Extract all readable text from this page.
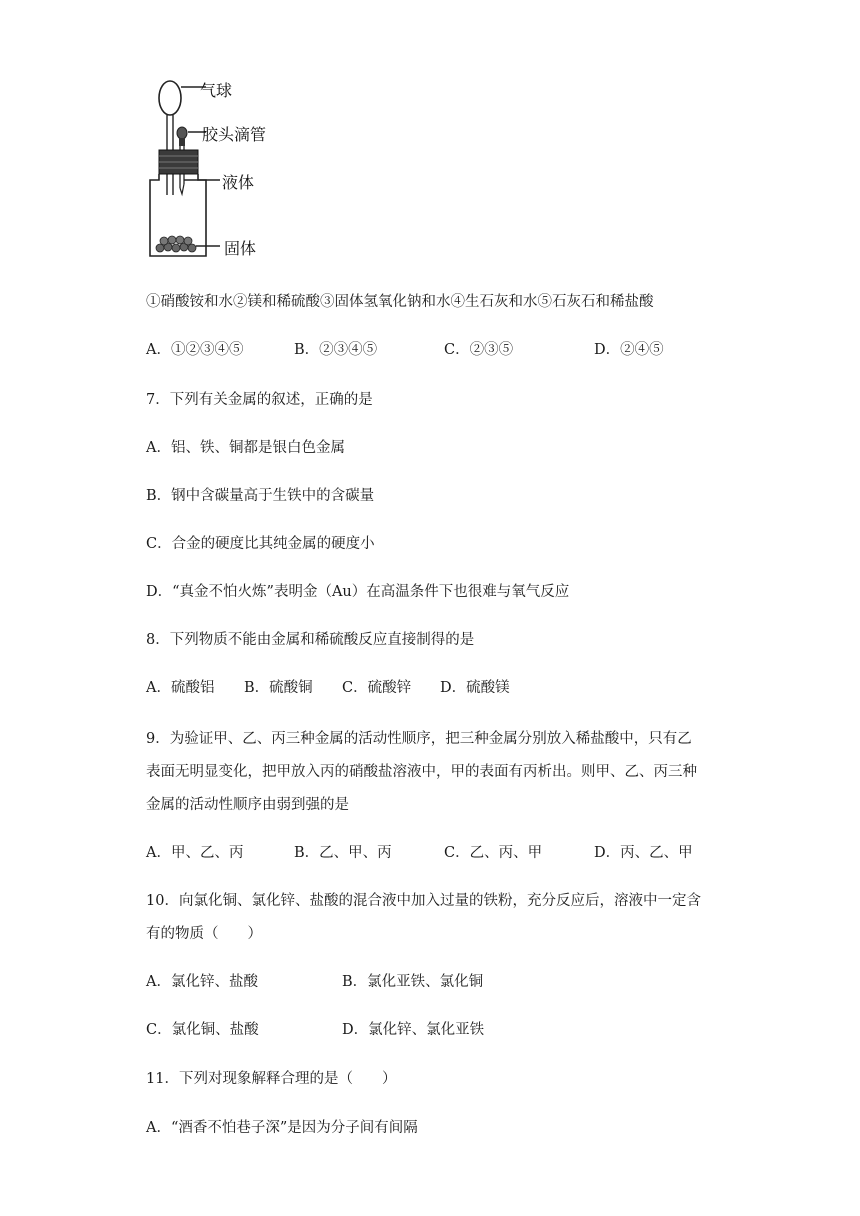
气球
胶头滴管
液体
固体
①硝酸铵和水②镁和稀硫酸③固体氢氧化钠和水④生石灰和水⑤石灰石和稀盐酸
A．①②③④⑤	B．②③④⑤	C．②③⑤	D．②④⑤
7．下列有关金属的叙述，正确的是
A．铝、铁、铜都是银白色金属
B．钢中含碳量高于生铁中的含碳量
C．合金的硬度比其纯金属的硬度小
D．“真金不怕火炼”表明金（Au）在高温条件下也很难与氧气反应
8．下列物质不能由金属和稀硫酸反应直接制得的是
A．硫酸铝 B．硫酸铜 C．硫酸锌 D．硫酸镁
9．为验证甲、乙、丙三种金属的活动性顺序，把三种金属分别放入稀盐酸中，只有乙
表面无明显变化，把甲放入丙的硝酸盐溶液中，甲的表面有丙析出。则甲、乙、丙三种
金属的活动性顺序由弱到强的是
A．甲、乙、丙	B．乙、甲、丙	C．乙、丙、甲	D．丙、乙、甲
10．向氯化铜、氯化锌、盐酸的混合液中加入过量的铁粉，充分反应后，溶液中一定含
有的物质（　　）
A．氯化锌、盐酸	B．氯化亚铁、氯化铜
C．氯化铜、盐酸	D．氯化锌、氯化亚铁
11．下列对现象解释合理的是（　　）
A．“酒香不怕巷子深”是因为分子间有间隔
